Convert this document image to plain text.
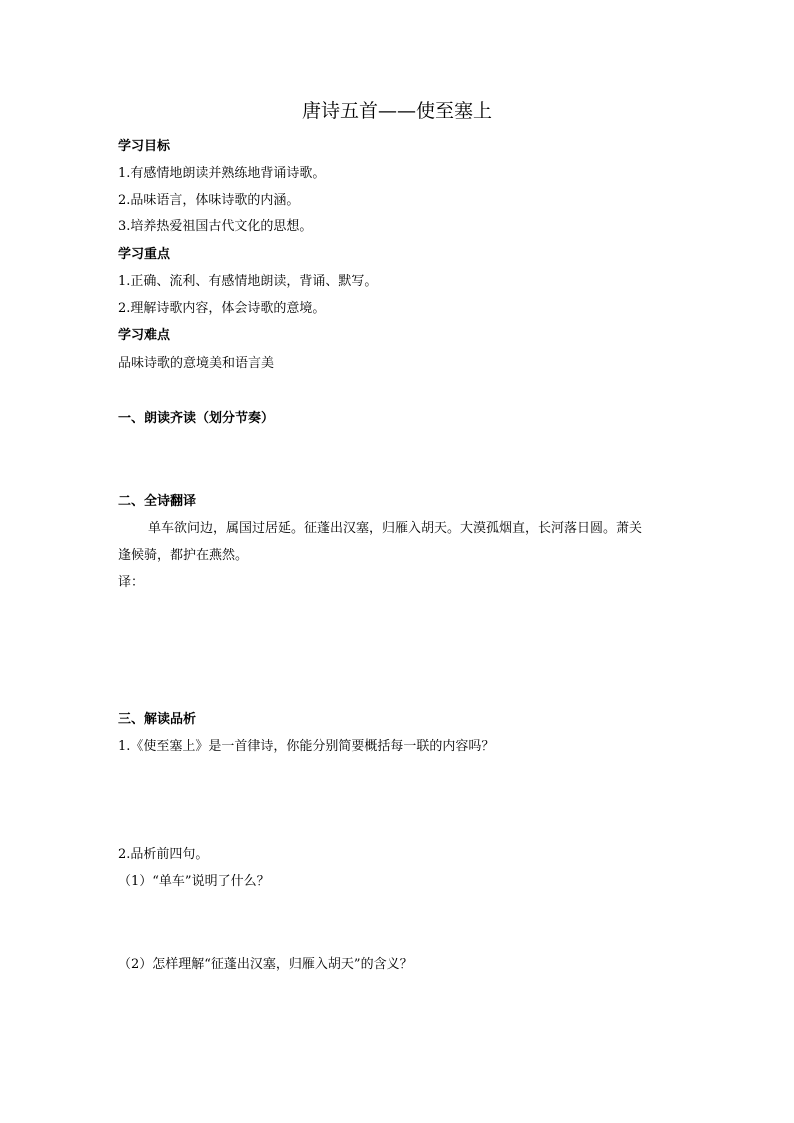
唐诗五首——使至塞上
学习目标
1.有感情地朗读并熟练地背诵诗歌。
2.品味语言，体味诗歌的内涵。
3.培养热爱祖国古代文化的思想。
学习重点
1.正确、流利、有感情地朗读，背诵、默写。
2.理解诗歌内容，体会诗歌的意境。
学习难点
品味诗歌的意境美和语言美
一、朗读齐读（划分节奏）
二、全诗翻译
单车欲问边，属国过居延。征蓬出汉塞，归雁入胡天。大漠孤烟直，长河落日圆。萧关
逢候骑，都护在燕然。
译：
三、解读品析
1.《使至塞上》是一首律诗，你能分别简要概括每一联的内容吗？
2.品析前四句。
（1）“单车”说明了什么？
（2）怎样理解“征蓬出汉塞，归雁入胡天”的含义？
